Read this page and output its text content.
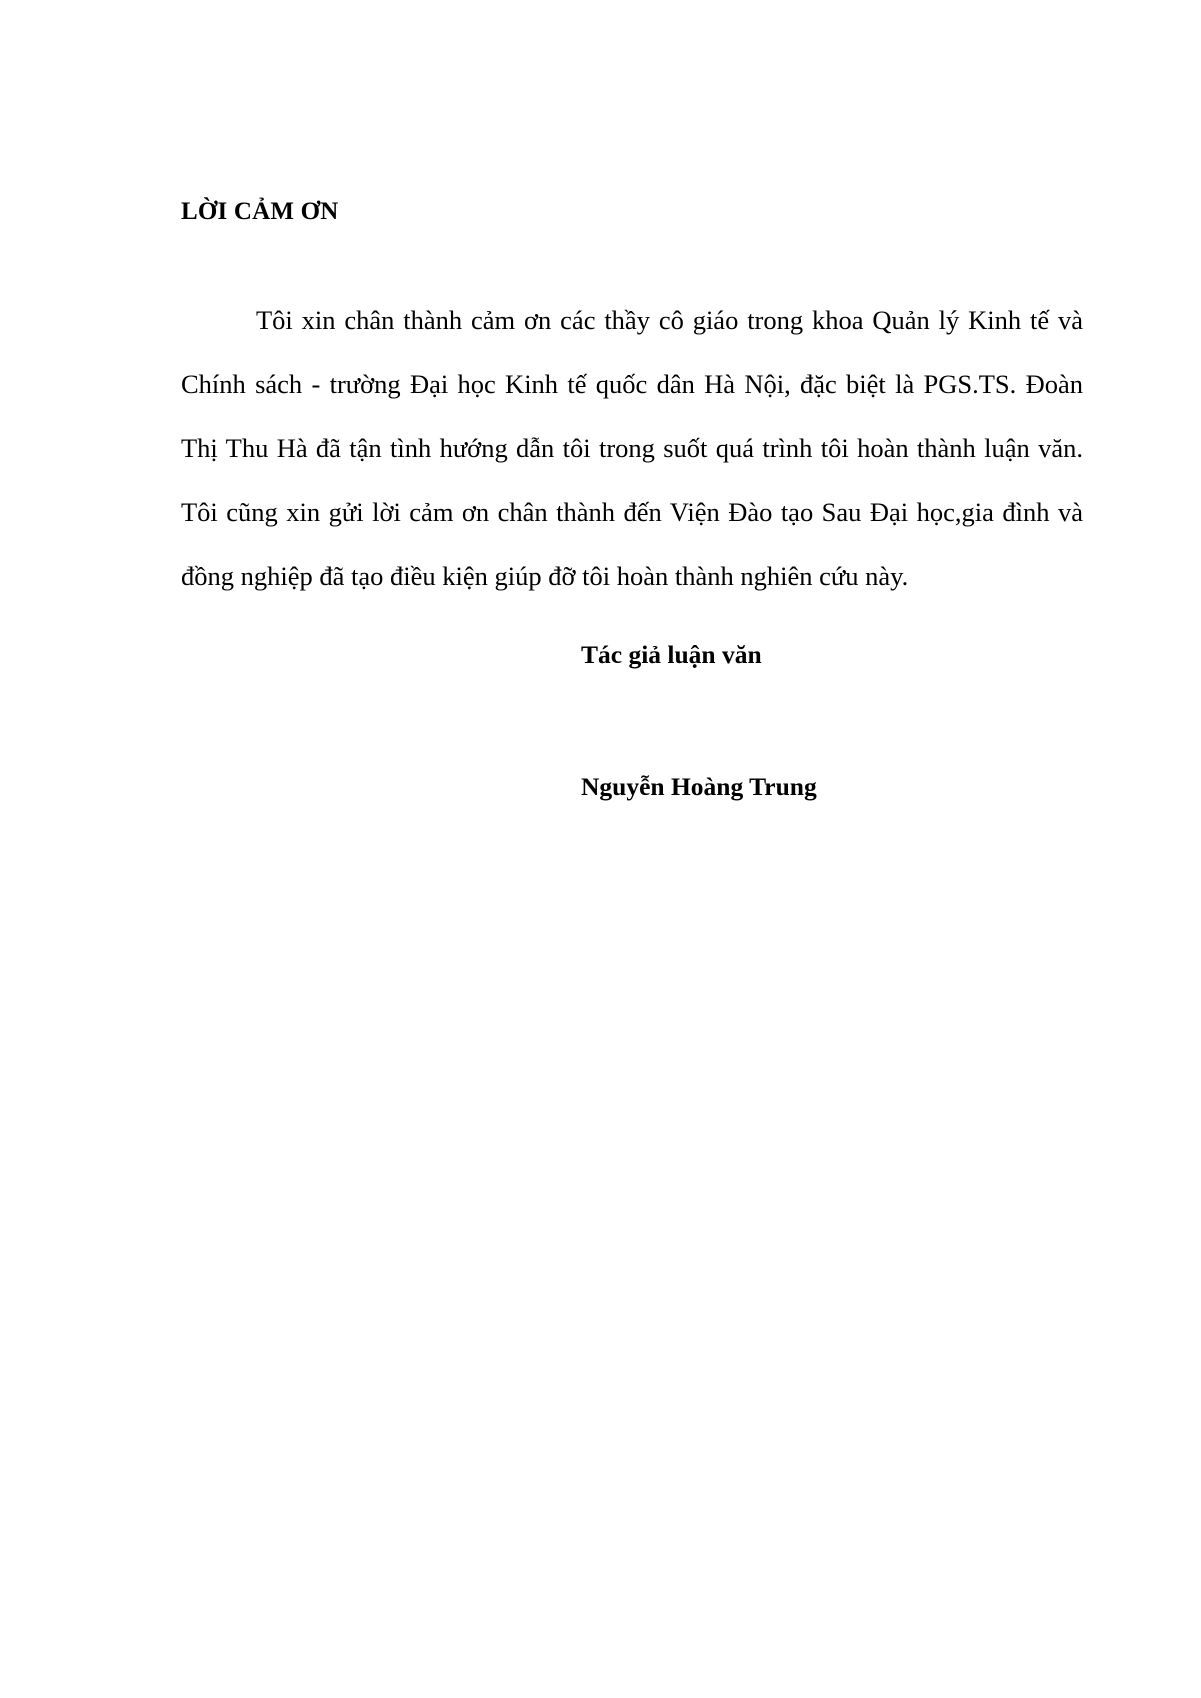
LỜI CẢM ƠN

Tôi xin chân thành cảm ơn các thầy cô giáo trong khoa Quản lý Kinh tế và Chính sách - trường Đại học Kinh tế quốc dân Hà Nội, đặc biệt là PGS.TS. Đoàn Thị Thu Hà đã tận tình hướng dẫn tôi trong suốt quá trình tôi hoàn thành luận văn. Tôi cũng xin gửi lời cảm ơn chân thành đến Viện Đào tạo Sau Đại học,gia đình và đồng nghiệp đã tạo điều kiện giúp đỡ tôi hoàn thành nghiên cứu này.

Tác giả luận văn
Nguyễn Hoàng Trung
